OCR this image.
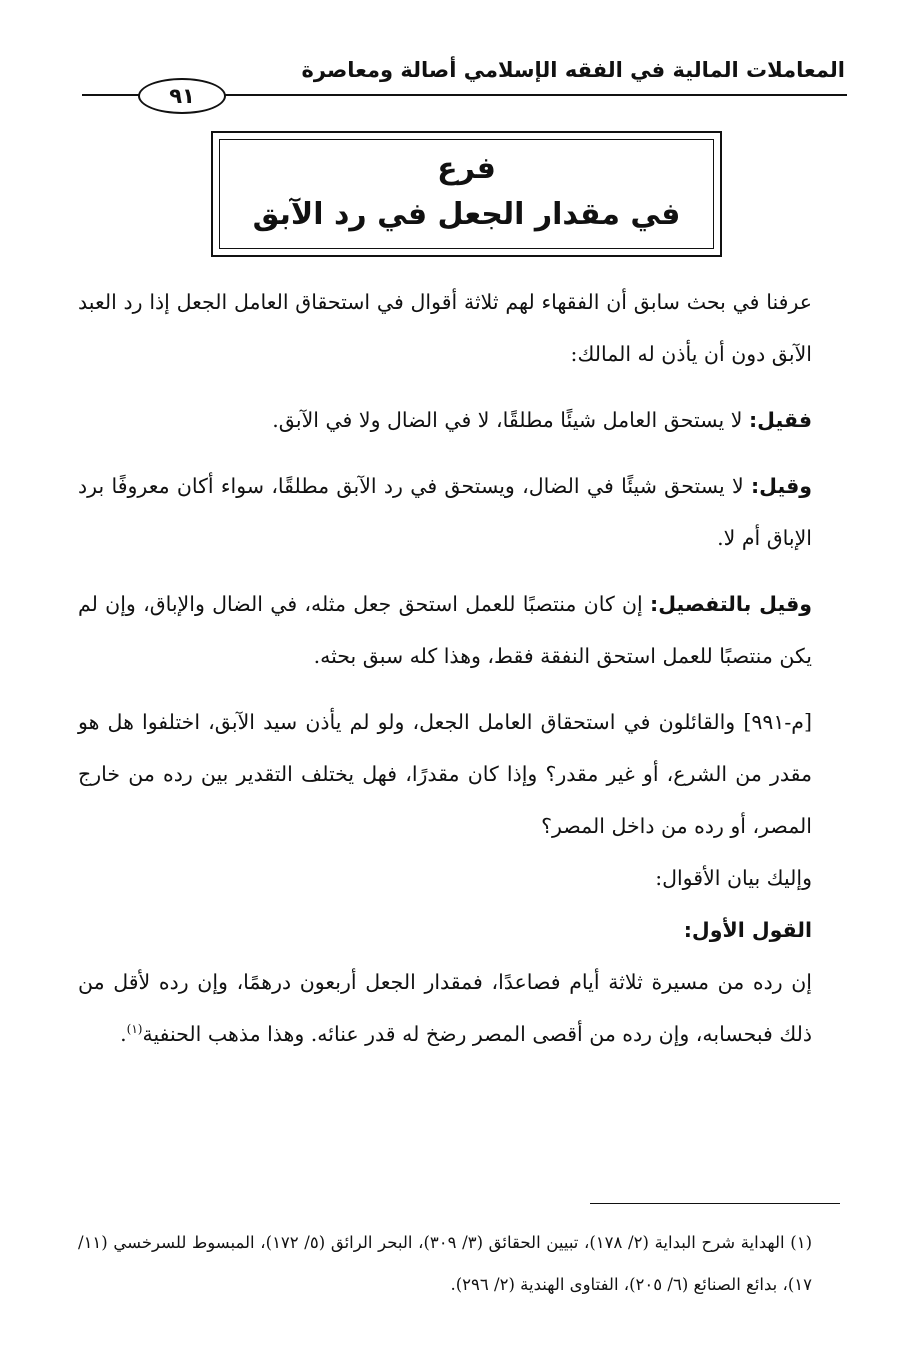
المعاملات المالية في الفقه الإسلامي أصالة ومعاصرة
٩١
فرع
في مقدار الجعل في رد الآبق

عرفنا في بحث سابق أن الفقهاء لهم ثلاثة أقوال في استحقاق العامل الجعل إذا رد العبد الآبق دون أن يأذن له المالك:

فقيل: لا يستحق العامل شيئًا مطلقًا، لا في الضال ولا في الآبق.

وقيل: لا يستحق شيئًا في الضال، ويستحق في رد الآبق مطلقًا، سواء أكان معروفًا برد الإباق أم لا.

وقيل بالتفصيل: إن كان منتصبًا للعمل استحق جعل مثله، في الضال والإباق، وإن لم يكن منتصبًا للعمل استحق النفقة فقط، وهذا كله سبق بحثه.

[م-٩٩١] والقائلون في استحقاق العامل الجعل، ولو لم يأذن سيد الآبق، اختلفوا هل هو مقدر من الشرع، أو غير مقدر؟ وإذا كان مقدرًا، فهل يختلف التقدير بين رده من خارج المصر، أو رده من داخل المصر؟

وإليك بيان الأقوال:

القول الأول:

إن رده من مسيرة ثلاثة أيام فصاعدًا، فمقدار الجعل أربعون درهمًا، وإن رده لأقل من ذلك فبحسابه، وإن رده من أقصى المصر رضخ له قدر عنائه. وهذا مذهب الحنفية$^{(١)}$.

(١) الهداية شرح البداية (٢/ ١٧٨)، تبيين الحقائق (٣/ ٣٠٩)، البحر الرائق (٥/ ١٧٢)، المبسوط للسرخسي (١١/ ١٧)، بدائع الصنائع (٦/ ٢٠٥)، الفتاوى الهندية (٢/ ٢٩٦).
